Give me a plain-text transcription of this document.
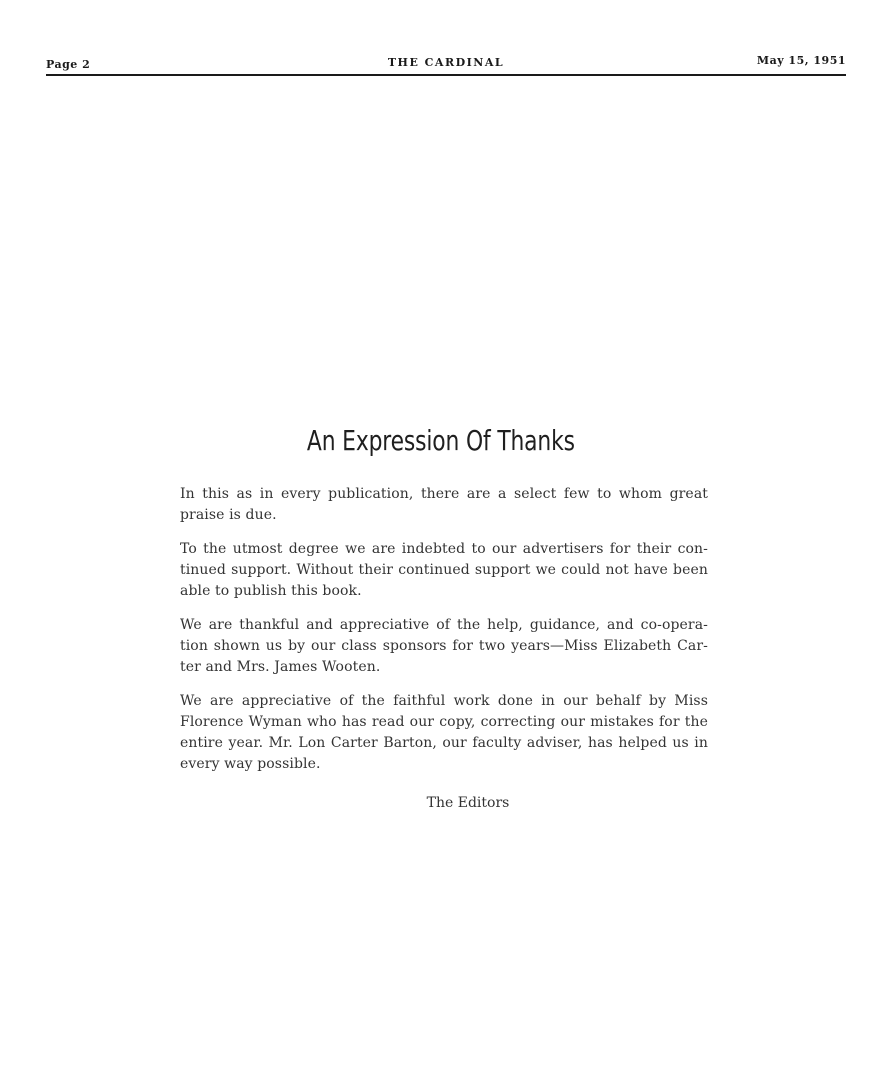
Page 2	THE CARDINAL	May 15, 1951
An Expression Of Thanks

In this as in every publication, there are a select few to whom great praise is due.

To the utmost degree we are indebted to our advertisers for their con-tinued support. Without their continued support we could not have been able to publish this book.

We are thankful and appreciative of the help, guidance, and co-opera-tion shown us by our class sponsors for two years—Miss Elizabeth Car-ter and Mrs. James Wooten.

We are appreciative of the faithful work done in our behalf by Miss Florence Wyman who has read our copy, correcting our mistakes for the entire year. Mr. Lon Carter Barton, our faculty adviser, has helped us in every way possible.

The Editors
